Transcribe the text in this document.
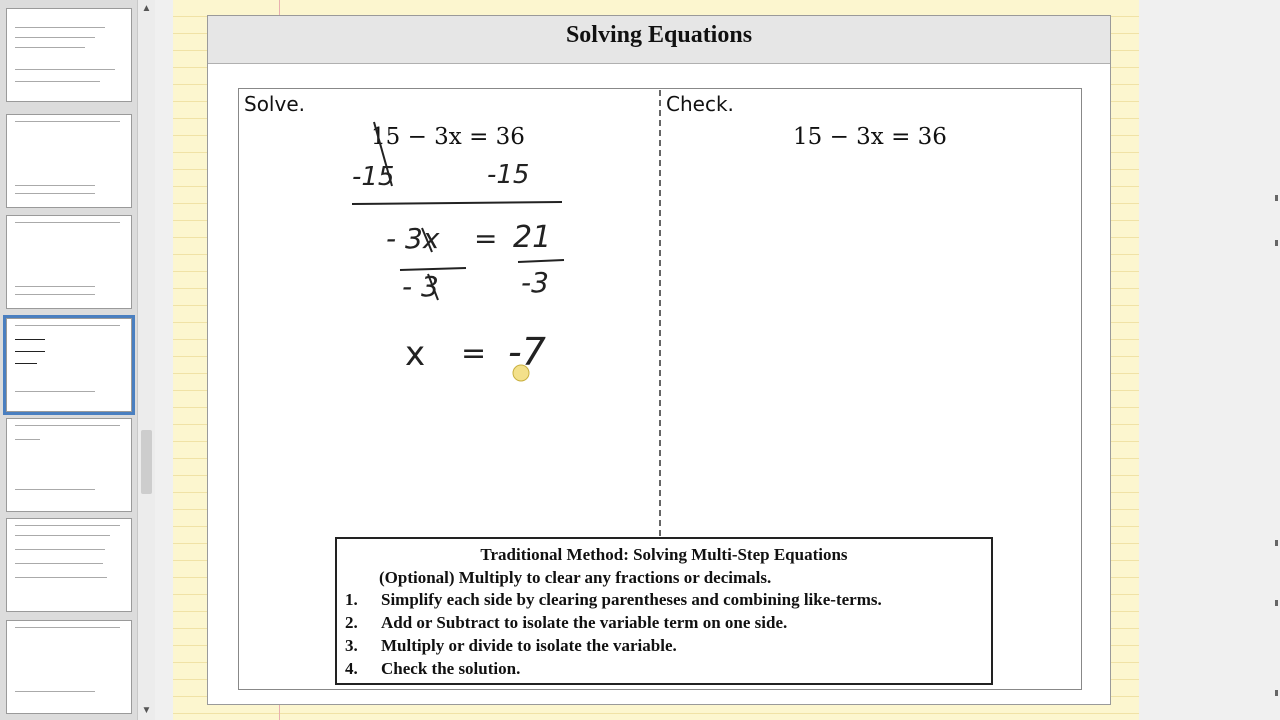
▲
▼
Solving Equations
Solve.	Check.
15 − 3x = 36	15 − 3x = 36
-15	-15
- 3x = 21
- 3	-3
x = -7
Traditional Method: Solving Multi-Step Equations
(Optional) Multiply to clear any fractions or decimals.
1. Simplify each side by clearing parentheses and combining like-terms.
2. Add or Subtract to isolate the variable term on one side.
3. Multiply or divide to isolate the variable.
4. Check the solution.
